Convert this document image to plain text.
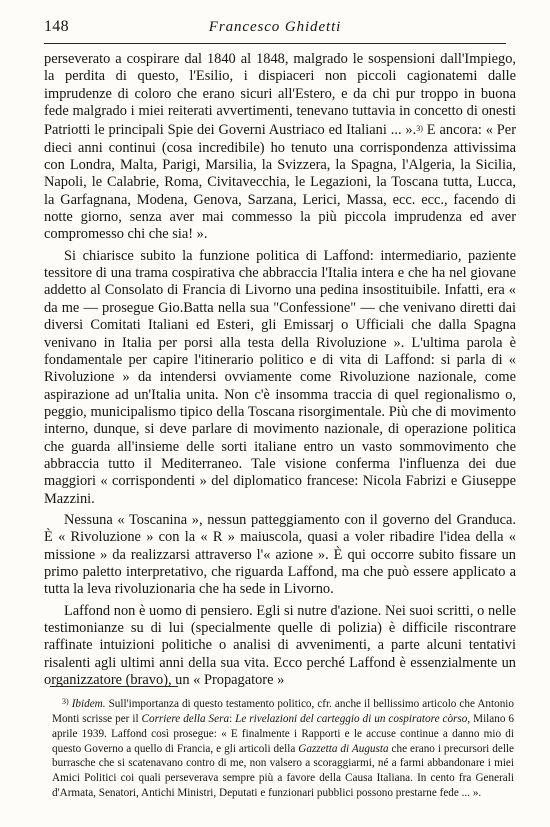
148	Francesco Ghidetti

perseverato a cospirare dal 1840 al 1848, malgrado le sospensioni dall'Impiego, la perdita di questo, l'Esilio, i dispiaceri non piccoli cagionatemi dalle imprudenze di coloro che erano sicuri all'Estero, e da chi pur troppo in buona fede malgrado i miei reiterati avvertimenti, tenevano tuttavia in concetto di onesti Patriotti le principali Spie dei Governi Austriaco ed Italiani ... ».$^{3)}$ E ancora: « Per dieci anni continui (cosa incredibile) ho tenuto una corrispondenza attivissima con Londra, Malta, Parigi, Marsilia, la Svizzera, la Spagna, l'Algeria, la Sicilia, Napoli, le Calabrie, Roma, Civitavecchia, le Legazioni, la Toscana tutta, Lucca, la Garfagnana, Modena, Genova, Sarzana, Lerici, Massa, ecc. ecc., facendo di notte giorno, senza aver mai commesso la più piccola imprudenza ed aver compromesso chi che sia! ».

Si chiarisce subito la funzione politica di Laffond: intermediario, paziente tessitore di una trama cospirativa che abbraccia l'Italia intera e che ha nel giovane addetto al Consolato di Francia di Livorno una pedina insostituibile. Infatti, era « da me — prosegue Gio.Batta nella sua "Confessione" — che venivano diretti dai diversi Comitati Italiani ed Esteri, gli Emissarj o Ufficiali che dalla Spagna venivano in Italia per porsi alla testa della Rivoluzione ». L'ultima parola è fondamentale per capire l'itinerario politico e di vita di Laffond: si parla di « Rivoluzione » da intendersi ovviamente come Rivoluzione nazionale, come aspirazione ad un'Italia unita. Non c'è insomma traccia di quel regionalismo o, peggio, municipalismo tipico della Toscana risorgimentale. Più che di movimento interno, dunque, si deve parlare di movimento nazionale, di operazione politica che guarda all'insieme delle sorti italiane entro un vasto sommovimento che abbraccia tutto il Mediterraneo. Tale visione conferma l'influenza dei due maggiori « corrispondenti » del diplomatico francese: Nicola Fabrizi e Giuseppe Mazzini.

Nessuna « Toscanina », nessun patteggiamento con il governo del Granduca. È « Rivoluzione » con la « R » maiuscola, quasi a voler ribadire l'idea della « missione » da realizzarsi attraverso l'« azione ». È qui occorre subito fissare un primo paletto interpretativo, che riguarda Laffond, ma che può essere applicato a tutta la leva rivoluzionaria che ha sede in Livorno.

Laffond non è uomo di pensiero. Egli si nutre d'azione. Nei suoi scritti, o nelle testimonianze su di lui (specialmente quelle di polizia) è difficile riscontrare raffinate intuizioni politiche o analisi di avvenimenti, a parte alcuni tentativi risalenti agli ultimi anni della sua vita. Ecco perché Laffond è essenzialmente un organizzatore (bravo), un « Propagatore »

$^{3)}$ Ibidem. Sull'importanza di questo testamento politico, cfr. anche il bellissimo articolo che Antonio Monti scrisse per il Corriere della Sera: Le rivelazioni del carteggio di un cospiratore còrso, Milano 6 aprile 1939. Laffond così prosegue: « E finalmente i Rapporti e le accuse continue a danno mio di questo Governo a quello di Francia, e gli articoli della Gazzetta di Augusta che erano i precursori delle burrasche che si scatenavano contro di me, non valsero a scoraggiarmi, né a farmi abbandonare i miei Amici Politici coi quali perseverava sempre più a favore della Causa Italiana. In cento fra Generali d'Armata, Senatori, Antichi Ministri, Deputati e funzionari pubblici possono prestarne fede ... ».
